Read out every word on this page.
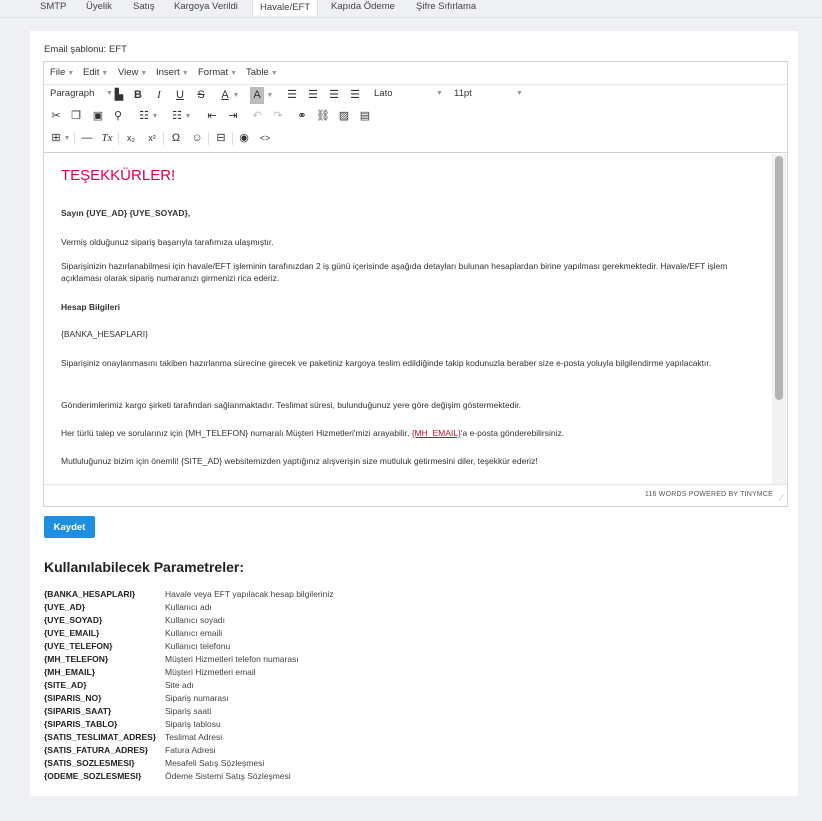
SMTP Üyelik Satış Kargoya Verildi	Havale/EFT	Kapıda Ödeme Şifre Sıfırlama
Email şablonu: EFT
File ▼ Edit ▼ View ▼ Insert ▼ Format ▼ Table ▼
Paragraph ▼ ▙ B	I	U	S	A ▼	A ▼ ☰ ☰ ☰ ☰ Lato	▼ 11pt	▼
✂ ❐ ▣ ⚲ ☷ ▼ ☷ ▼ ⇤ ⇥ ↶ ↷ ⚭ ⛓ ▨ ▤
⊞ ▼ — Tx	x₂	x² Ω ☺ ⊟ ◉ <>
TEŞEKKÜRLER!
Sayın {UYE_AD} {UYE_SOYAD},
Vermiş olduğunuz sipariş başarıyla tarafımıza ulaşmıştır.
Siparişinizin hazırlanabilmesi için havale/EFT işleminin tarafınızdan 2 iş günü içerisinde aşağıda detayları bulunan hesaplardan birine yapılması gerekmektedir. Havale/EFT işlem açıklaması olarak sipariş numaranızı girmenizi rica ederiz.
Hesap Bilgileri
{BANKA_HESAPLARI}
Siparişiniz onaylanmasını takiben hazırlanma sürecine girecek ve paketiniz kargoya teslim edildiğinde takip kodunuzla beraber size e-posta yoluyla bilgilendirme yapılacaktır.
Gönderimlerimiz kargo şirketi tarafından sağlanmaktadır. Teslimat süresi, bulunduğunuz yere göre değişim göstermektedir.
Her türlü talep ve sorularınız için {MH_TELEFON} numaralı Müşteri Hizmetleri'mizi arayabilir, {MH_EMAIL}'a e-posta gönderebilirsiniz.
Mutluluğunuz bizim için önemli! {SITE_AD} websitemizden yaptığınız alışverişin size mutluluk getirmesini diler, teşekkür ederiz!
116 WORDS POWERED BY TINYMCE ⟋
Kaydet
Kullanılabilecek Parametreler:
{BANKA_HESAPLARI}	Havale veya EFT yapılacak hesap bilgileriniz
{UYE_AD}	Kullanıcı adı
{UYE_SOYAD}	Kullanıcı soyadı
{UYE_EMAIL}	Kullanıcı emaili
{UYE_TELEFON}	Kullanıcı telefonu
{MH_TELEFON}	Müşteri Hizmetleri telefon numarası
{MH_EMAIL}	Müşteri Hizmetleri email
{SITE_AD}	Site adı
{SIPARIS_NO}	Sipariş numarası
{SIPARIS_SAAT}	Sipariş saati
{SIPARIS_TABLO}	Sipariş tablosu
{SATIS_TESLIMAT_ADRES} Teslimat Adresi
{SATIS_FATURA_ADRES} Fatura Adresi
{SATIS_SOZLESMESI}	Mesafeli Satış Sözleşmesi
{ODEME_SOZLESMESI}	Ödeme Sistemi Satış Sözleşmesi
